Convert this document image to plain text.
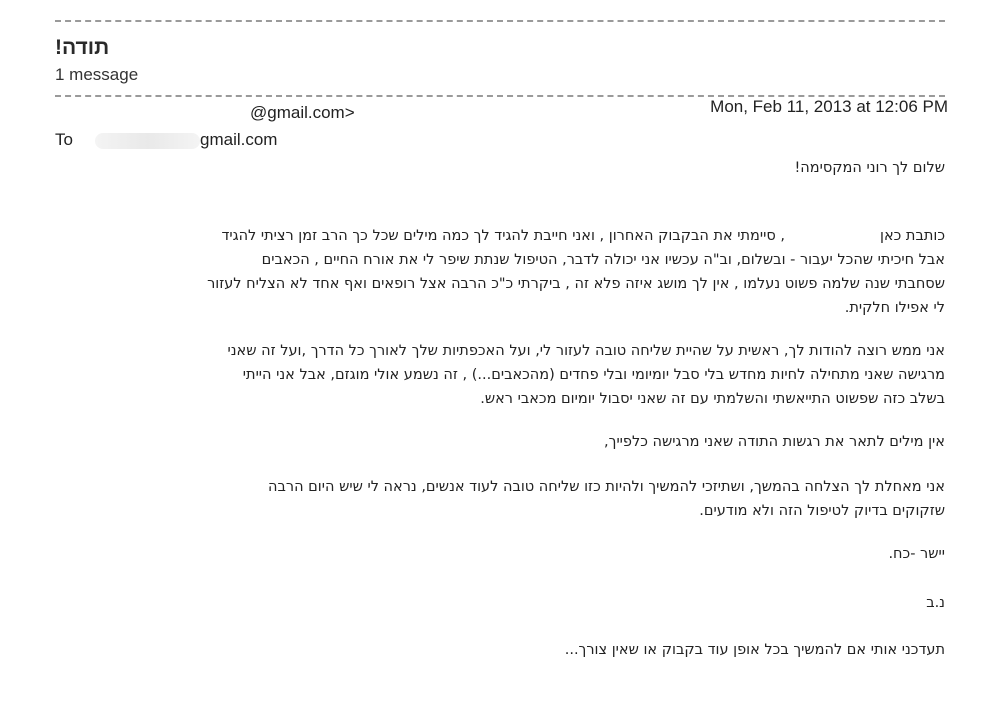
תודה!
1 message
@gmail.com>	Mon, Feb 11, 2013 at 12:06 PM
To	gmail.com
שלום לך רוני המקסימה!
כותבת כאן, סיימתי את הבקבוק האחרון , ואני חייבת להגיד לך כמה מילים שכל כך הרב זמן רציתי להגיד
אבל חיכיתי שהכל יעבור - ובשלום, וב"ה עכשיו אני יכולה לדבר, הטיפול שנתת שיפר לי את אורח החיים , הכאבים
שסחבתי שנה שלמה פשוט נעלמו , אין לך מושג איזה פלא זה , ביקרתי כ"כ הרבה אצל רופאים ואף אחד לא הצליח לעזור
לי אפילו חלקית.
אני ממש רוצה להודות לך, ראשית על שהיית שליחה טובה לעזור לי, ועל האכפתיות שלך לאורך כל הדרך ,ועל זה שאני
מרגישה שאני מתחילה לחיות מחדש בלי סבל יומיומי ובלי פחדים (מהכאבים...) , זה נשמע אולי מוגזם, אבל אני הייתי
בשלב כזה שפשוט התייאשתי והשלמתי עם זה שאני יסבול יומיום מכאבי ראש.
אין מילים לתאר את רגשות התודה שאני מרגישה כלפייך,
אני מאחלת לך הצלחה בהמשך, ושתיזכי להמשיך ולהיות כזו שליחה טובה לעוד אנשים, נראה לי שיש היום הרבה
שזקוקים בדיוק לטיפול הזה ולא מודעים.
יישר -כח.
נ.ב
תעדכני אותי אם להמשיך בכל אופן עוד בקבוק או שאין צורך...
